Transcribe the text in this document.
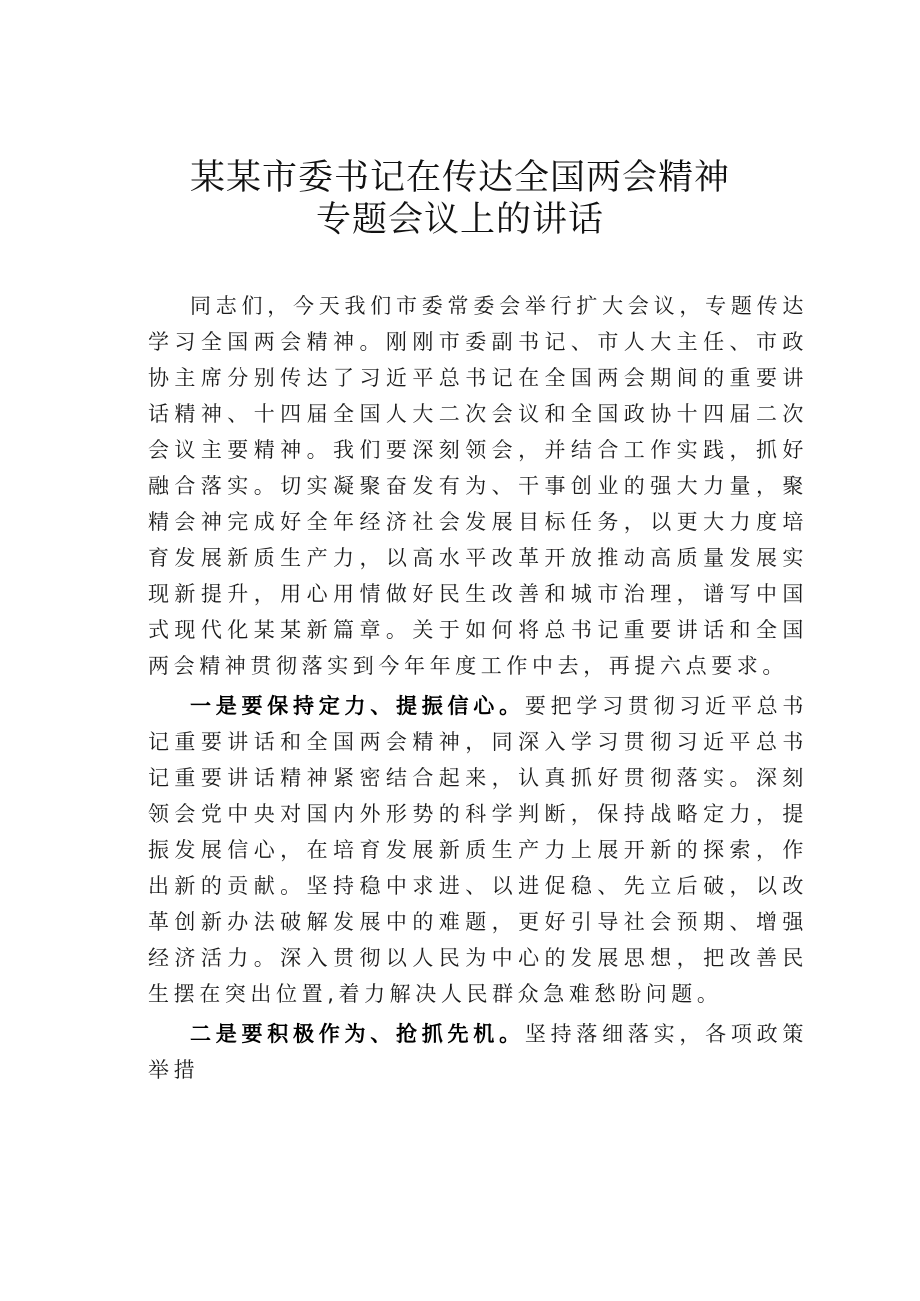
某某市委书记在传达全国两会精神
专题会议上的讲话

同志们，今天我们市委常委会举行扩大会议，专题传达学习全国两会精神。刚刚市委副书记、市人大主任、市政协主席分别传达了习近平总书记在全国两会期间的重要讲话精神、十四届全国人大二次会议和全国政协十四届二次会议主要精神。我们要深刻领会，并结合工作实践，抓好融合落实。切实凝聚奋发有为、干事创业的强大力量，聚精会神完成好全年经济社会发展目标任务，以更大力度培育发展新质生产力，以高水平改革开放推动高质量发展实现新提升，用心用情做好民生改善和城市治理，谱写中国式现代化某某新篇章。关于如何将总书记重要讲话和全国两会精神贯彻落实到今年年度工作中去，再提六点要求。

一是要保持定力、提振信心。要把学习贯彻习近平总书记重要讲话和全国两会精神，同深入学习贯彻习近平总书记重要讲话精神紧密结合起来，认真抓好贯彻落实。深刻领会党中央对国内外形势的科学判断，保持战略定力，提振发展信心，在培育发展新质生产力上展开新的探索，作出新的贡献。坚持稳中求进、以进促稳、先立后破，以改革创新办法破解发展中的难题，更好引导社会预期、增强经济活力。深入贯彻以人民为中心的发展思想，把改善民生摆在突出位置,着力解决人民群众急难愁盼问题。

二是要积极作为、抢抓先机。坚持落细落实，各项政策举措
